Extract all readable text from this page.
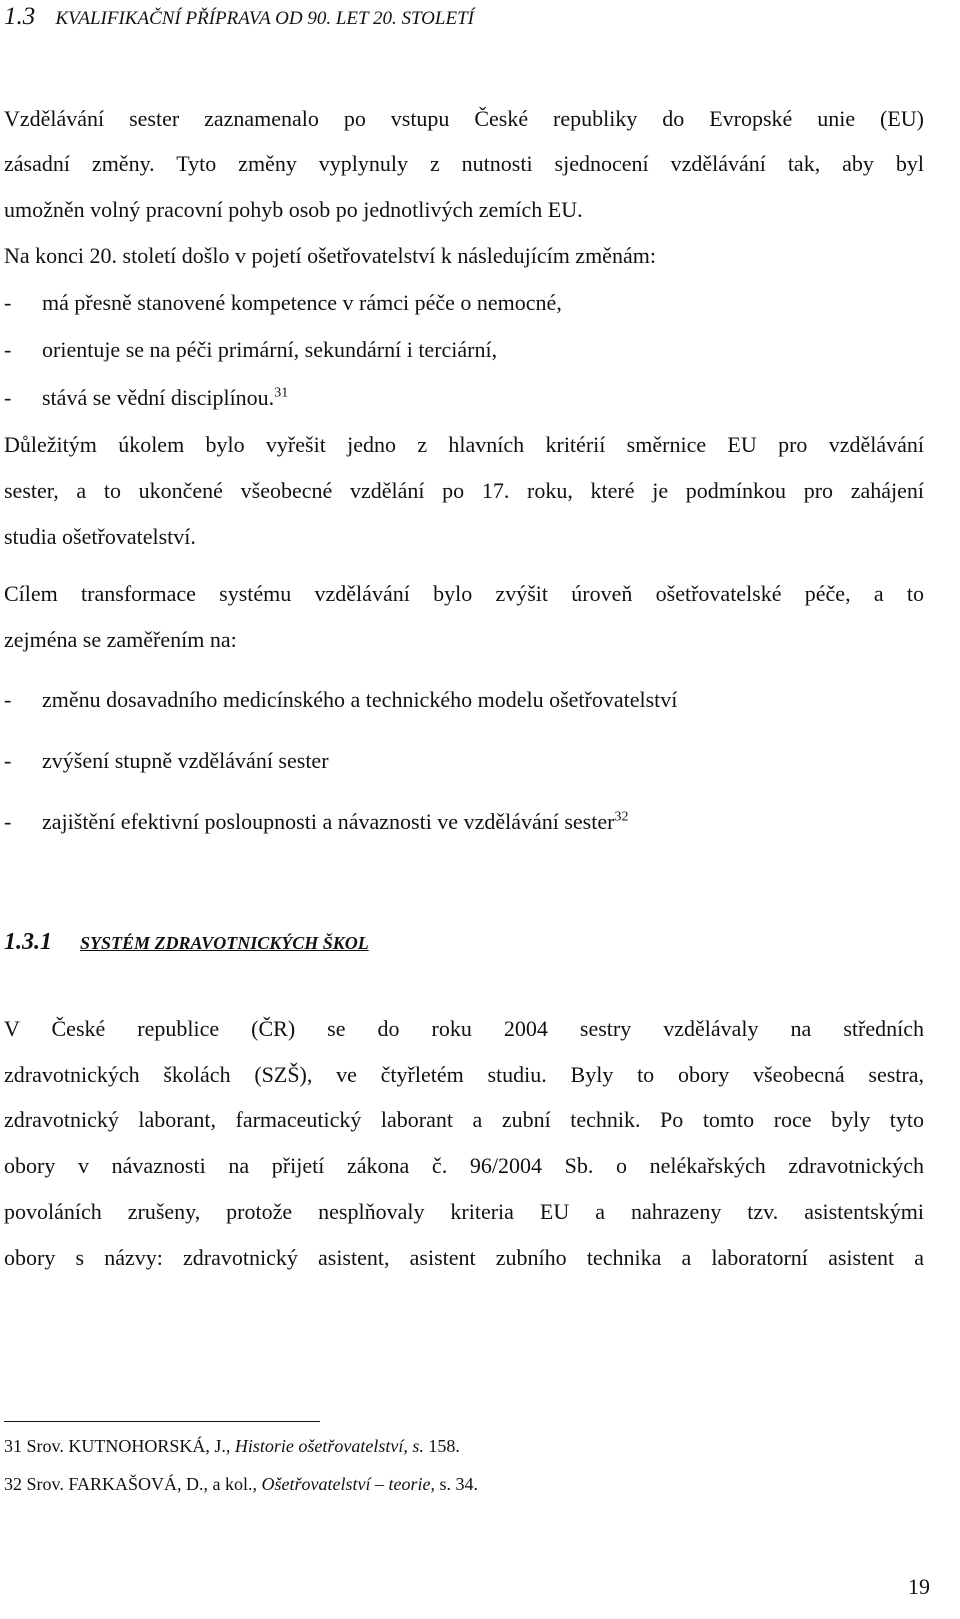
1.3 KVALIFIKAČNÍ PŘÍPRAVA OD 90. LET 20. STOLETÍ
Vzdělávání sester zaznamenalo po vstupu České republiky do Evropské unie (EU)
zásadní změny. Tyto změny vyplynuly z nutnosti sjednocení vzdělávání tak, aby byl
umožněn volný pracovní pohyb osob po jednotlivých zemích EU.
Na konci 20. století došlo v pojetí ošetřovatelství k následujícím změnám:
- má přesně stanovené kompetence v rámci péče o nemocné,
- orientuje se na péči primární, sekundární i terciární,
- stává se vědní disciplínou.$^{31}$
Důležitým úkolem bylo vyřešit jedno z hlavních kritérií směrnice EU pro vzdělávání
sester, a to ukončené všeobecné vzdělání po 17. roku, které je podmínkou pro zahájení
studia ošetřovatelství.
Cílem transformace systému vzdělávání bylo zvýšit úroveň ošetřovatelské péče, a to
zejména se zaměřením na:
- změnu dosavadního medicínského a technického modelu ošetřovatelství
- zvýšení stupně vzdělávání sester
- zajištění efektivní posloupnosti a návaznosti ve vzdělávání sester$^{32}$
1.3.1 SYSTÉM ZDRAVOTNICKÝCH ŠKOL
V České republice (ČR) se do roku 2004 sestry vzdělávaly na středních
zdravotnických školách (SZŠ), ve čtyřletém studiu. Byly to obory všeobecná sestra,
zdravotnický laborant, farmaceutický laborant a zubní technik. Po tomto roce byly tyto
obory v návaznosti na přijetí zákona č. 96/2004 Sb. o nelékařských zdravotnických
povoláních zrušeny, protože nesplňovaly kriteria EU a nahrazeny tzv. asistentskými
obory s názvy: zdravotnický asistent, asistent zubního technika a laboratorní asistent a
31 Srov. KUTNOHORSKÁ, J., Historie ošetřovatelství, s. 158.
32 Srov. FARKAŠOVÁ, D., a kol., Ošetřovatelství – teorie, s. 34.
19
